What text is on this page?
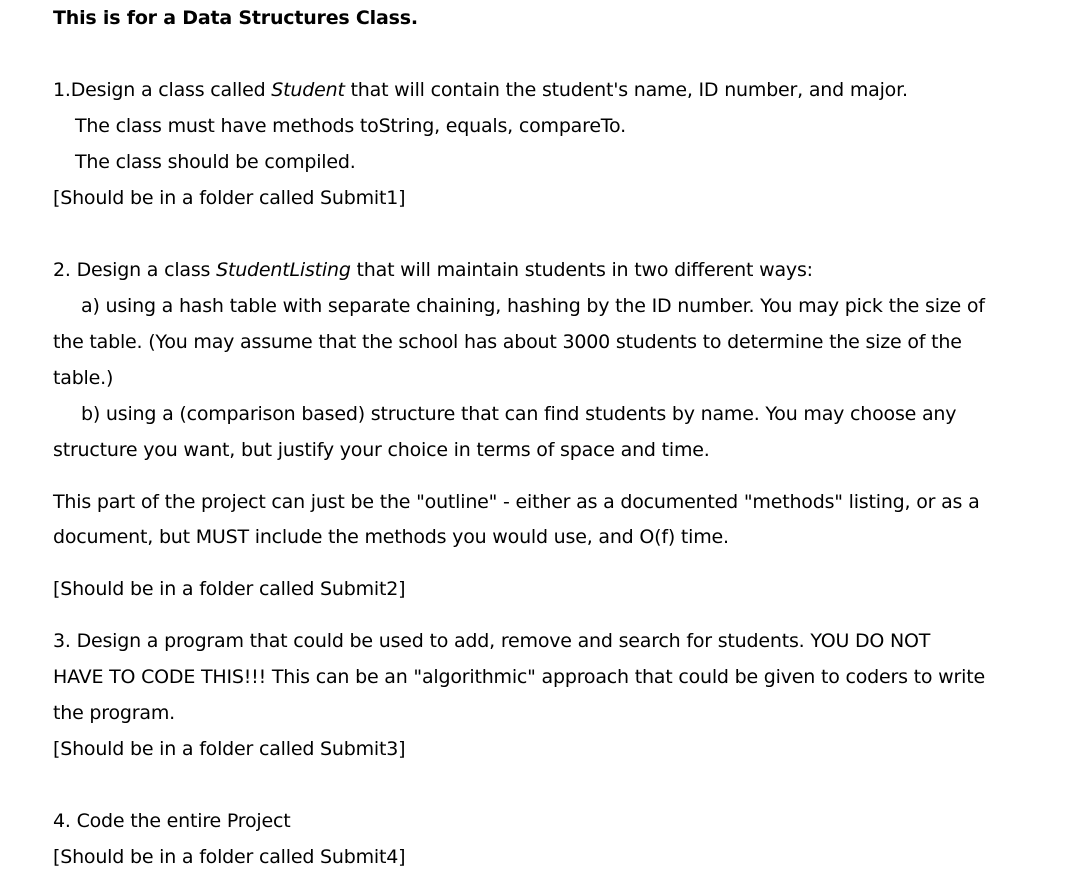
This is for a Data Structures Class.
1.Design a class called Student that will contain the student's name, ID number, and major.
The class must have methods toString, equals, compareTo.
The class should be compiled.
[Should be in a folder called Submit1]
2. Design a class StudentListing that will maintain students in two different ways:
a) using a hash table with separate chaining, hashing by the ID number. You may pick the size of
the table. (You may assume that the school has about 3000 students to determine the size of the
table.)
b) using a (comparison based) structure that can find students by name. You may choose any
structure you want, but justify your choice in terms of space and time.
This part of the project can just be the "outline" - either as a documented "methods" listing, or as a
document, but MUST include the methods you would use, and O(f) time.
[Should be in a folder called Submit2]
3. Design a program that could be used to add, remove and search for students. YOU DO NOT
HAVE TO CODE THIS!!! This can be an "algorithmic" approach that could be given to coders to write
the program.
[Should be in a folder called Submit3]
4. Code the entire Project
[Should be in a folder called Submit4]
